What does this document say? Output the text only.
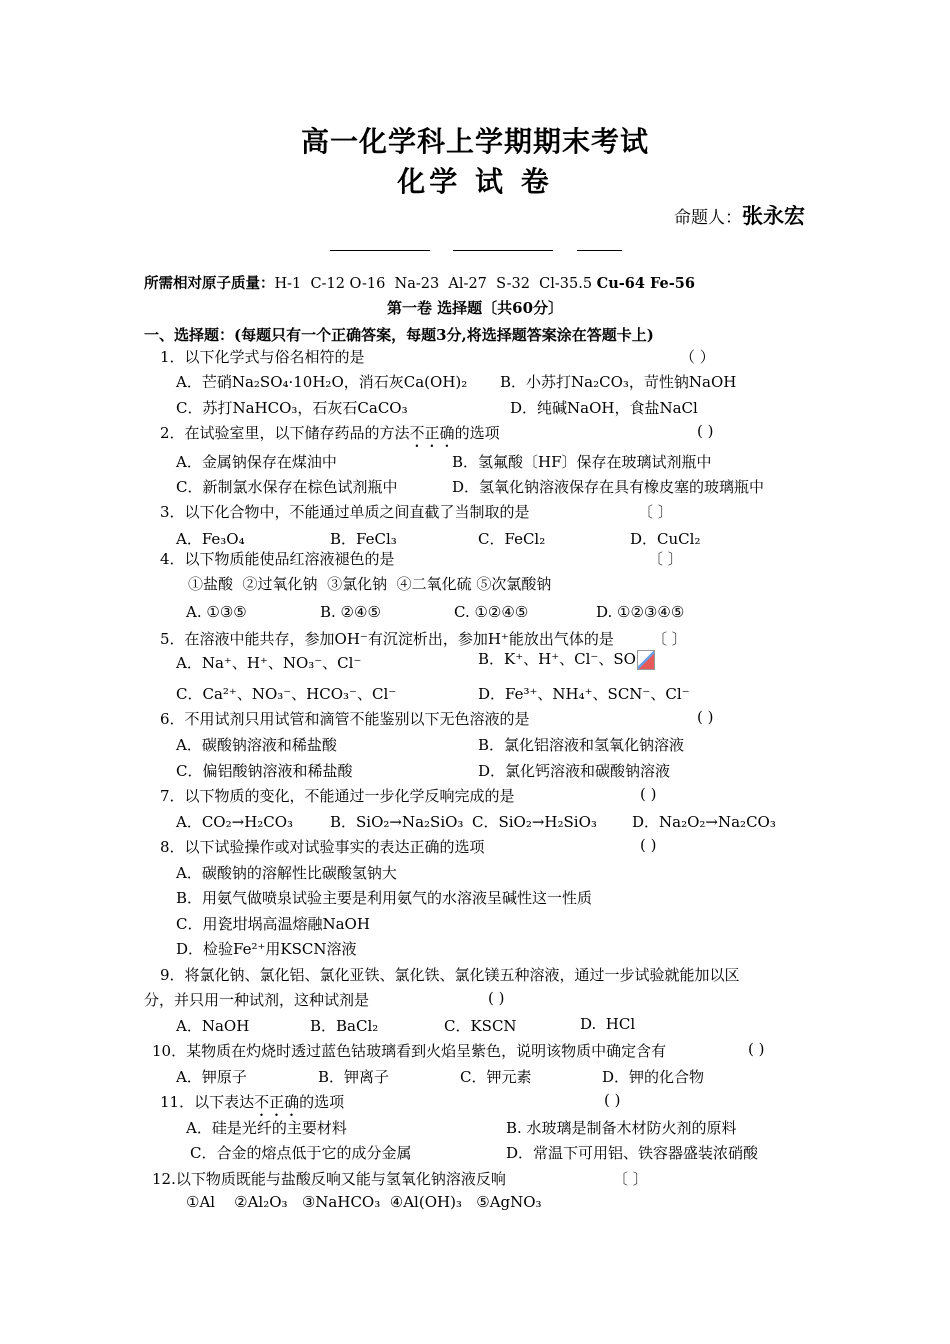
高一化学科上学期期末考试
化学 试 卷
命题人：张永宏
所需相对原子质量：H-1  C-12 O-16  Na-23  Al-27  S-32  Cl-35.5 Cu-64 Fe-56
第一卷 选择题〔共60分〕
一、选择题：(每题只有一个正确答案，每题3分,将选择题答案涂在答题卡上)
1．以下化学式与俗名相符的是	（ ）
A．芒硝Na₂SO₄·10H₂O，消石灰Ca(OH)₂ B．小苏打Na₂CO₃，苛性钠NaOH
C．苏打NaHCO₃，石灰石CaCO₃	D．纯碱NaOH，食盐NaCl
2．在试验室里，以下储存药品的方法不正确的选项	( )
A．金属钠保存在煤油中	B．氢氟酸〔HF〕保存在玻璃试剂瓶中
C．新制氯水保存在棕色试剂瓶中	D．氢氧化钠溶液保存在具有橡皮塞的玻璃瓶中
3．以下化合物中，不能通过单质之间直截了当制取的是	〔 〕
A．Fe₃O₄	B．FeCl₃	C．FeCl₂	D．CuCl₂
4．以下物质能使品红溶液褪色的是	〔 〕
①盐酸  ②过氧化钠  ③氯化钠  ④二氧化硫 ⑤次氯酸钠
A. ①③⑤	B. ②④⑤	C. ①②④⑤	D. ①②③④⑤
5．在溶液中能共存，参加OH⁻有沉淀析出，参加H⁺能放出气体的是	〔 〕
A．Na⁺、H⁺、NO₃⁻、Cl⁻	B．K⁺、H⁺、Cl⁻、SO
C．Ca²⁺、NO₃⁻、HCO₃⁻、Cl⁻	D．Fe³⁺、NH₄⁺、SCN⁻、Cl⁻
6．不用试剂只用试管和滴管不能鉴别以下无色溶液的是	( )
A．碳酸钠溶液和稀盐酸	B．氯化铝溶液和氢氧化钠溶液
C．偏铝酸钠溶液和稀盐酸	D．氯化钙溶液和碳酸钠溶液
7．以下物质的变化，不能通过一步化学反响完成的是	( )
A．CO₂→H₂CO₃ B．SiO₂→Na₂SiO₃ C．SiO₂→H₂SiO₃ D．Na₂O₂→Na₂CO₃
8．以下试验操作或对试验事实的表达正确的选项	( )
A．碳酸钠的溶解性比碳酸氢钠大
B．用氨气做喷泉试验主要是利用氨气的水溶液呈碱性这一性质
C．用瓷坩埚高温熔融NaOH
D．检验Fe²⁺用KSCN溶液
9．将氯化钠、氯化铝、氯化亚铁、氯化铁、氯化镁五种溶液，通过一步试验就能加以区
分，并只用一种试剂，这种试剂是	( )
A．NaOH	B．BaCl₂	C．KSCN	D.  HCl
10．某物质在灼烧时透过蓝色钴玻璃看到火焰呈紫色，说明该物质中确定含有	( )
A．钾原子	B．钾离子	C．钾元素	D．钾的化合物
11．以下表达不正确的选项	( )
A．硅是光纤的主要材料	B. 水玻璃是制备木材防火剂的原料
C．合金的熔点低于它的成分金属	D．常温下可用铝、铁容器盛装浓硝酸
12.以下物质既能与盐酸反响又能与氢氧化钠溶液反响	〔 〕
①Al    ②Al₂O₃   ③NaHCO₃  ④Al(OH)₃   ⑤AgNO₃
